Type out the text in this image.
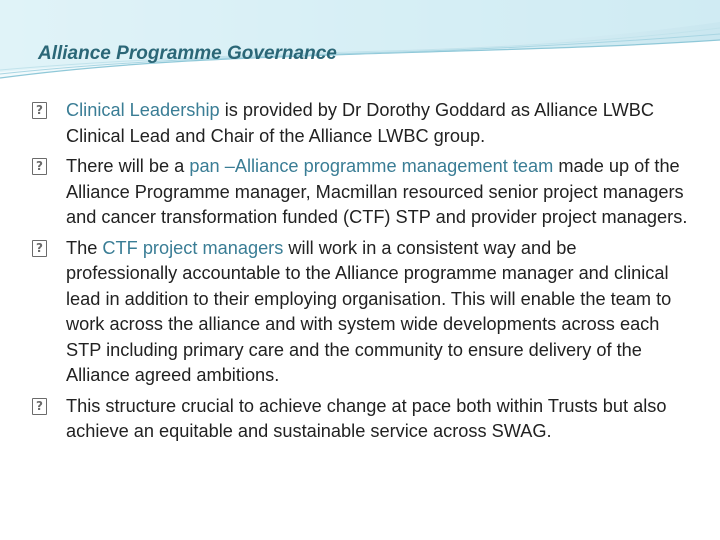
Alliance Programme Governance
? Clinical Leadership is provided by Dr Dorothy Goddard as Alliance LWBC Clinical Lead and Chair of the Alliance LWBC group.
? There will be a pan –Alliance programme management team made up of the Alliance Programme manager, Macmillan resourced senior project managers and cancer transformation funded (CTF) STP and provider project managers.
? The CTF project managers will work in a consistent way and be professionally accountable to the Alliance programme manager and clinical lead in addition to their employing organisation. This will enable the team to work across the alliance and with system wide developments across each STP including primary care and the community to ensure delivery of the Alliance agreed ambitions.
? This structure crucial to achieve change at pace both within Trusts but also achieve an equitable and sustainable service across SWAG.
